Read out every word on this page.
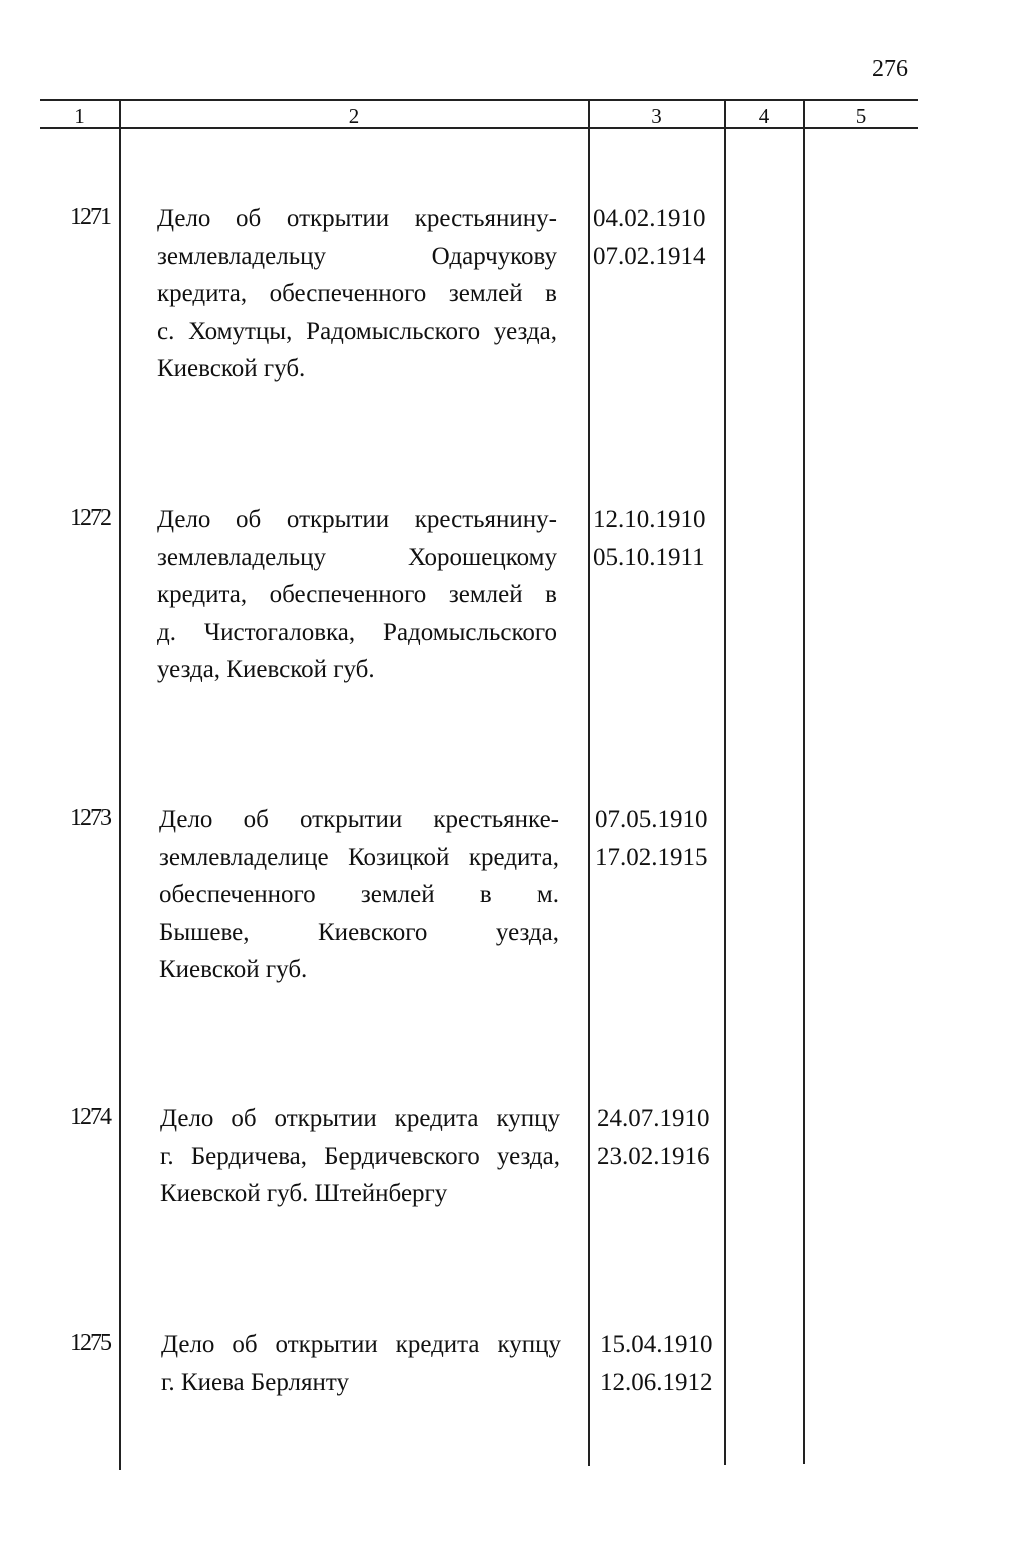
276
1	2	3	4	5
1271 Дело об открытии крестьянину-
землевладельцу Одарчукову
кредита, обеспеченного землей в
с. Хомутцы, Радомысльского уезда,
Киевской губ.
04.02.1910
07.02.1914
1272 Дело об открытии крестьянину-
землевладельцу Хорошецкому
кредита, обеспеченного землей в
д. Чистогаловка, Радомысльского
уезда, Киевской губ.
12.10.1910
05.10.1911
1273 Дело об открытии крестьянке-
землевладелице Козицкой кредита,
обеспеченного землей в м.
Бышеве, Киевского уезда,
Киевской губ.
07.05.1910
17.02.1915
1274 Дело об открытии кредита купцу
г. Бердичева, Бердичевского уезда,
Киевской губ. Штейнбергу
24.07.1910
23.02.1916
1275 Дело об открытии кредита купцу
г. Киева Берлянту
15.04.1910
12.06.1912
